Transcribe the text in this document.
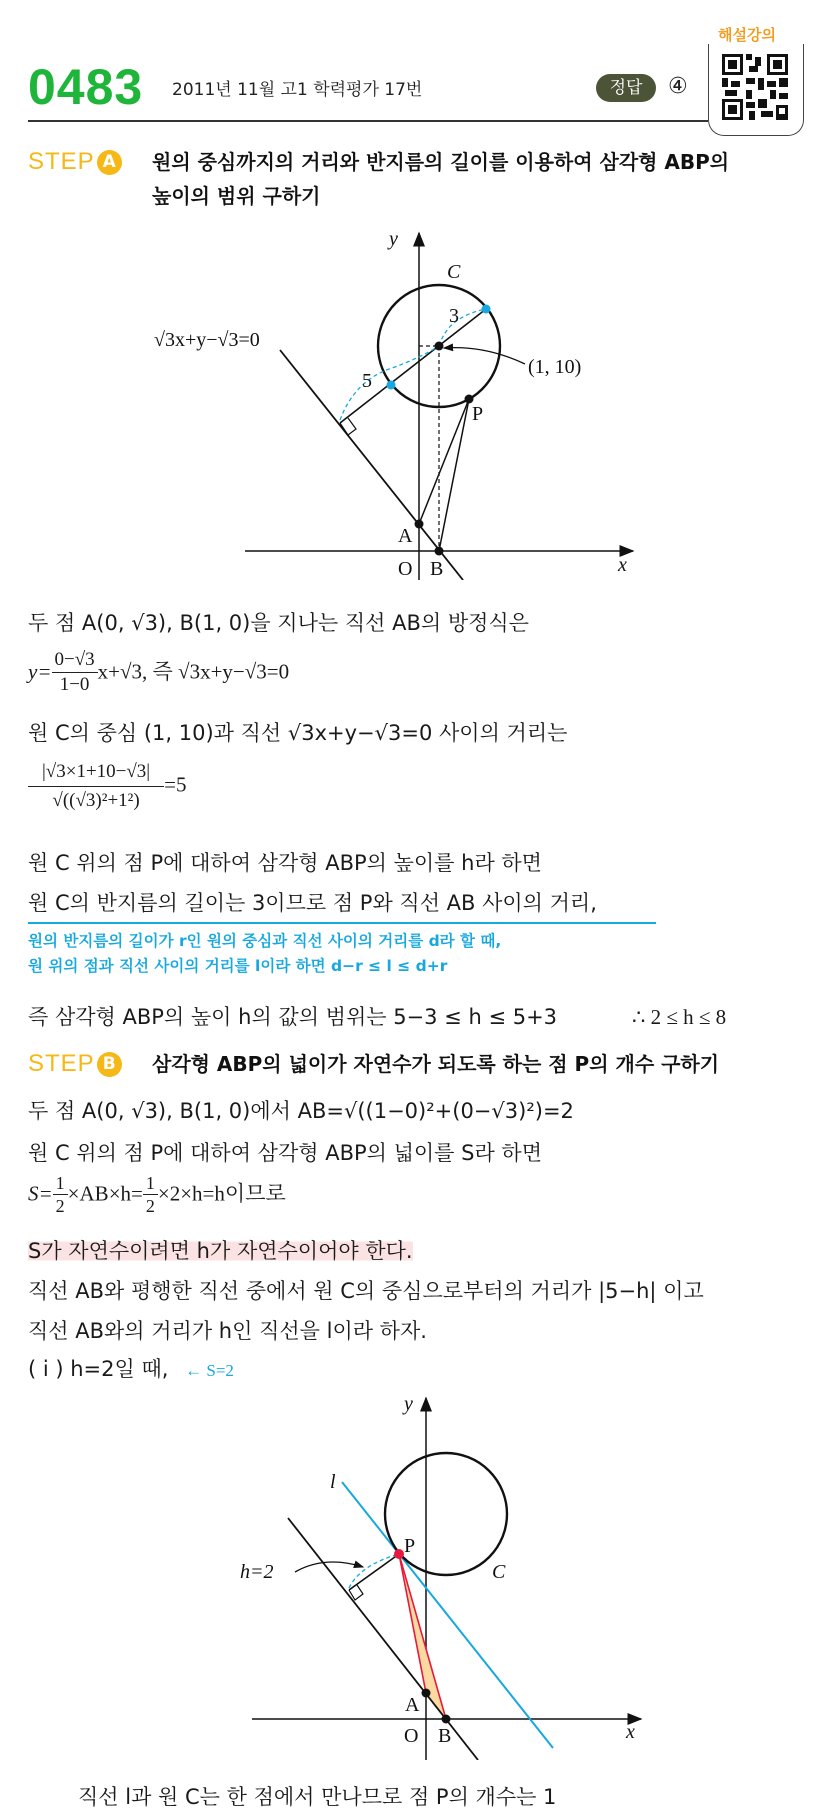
0483 2011년 11월 고1 학력평가 17번	정답	④
해설강의
STEP A 원의 중심까지의 거리와 반지름의 길이를 이용하여 삼각형 ABP의
높이의 범위 구하기
√3x+y−√3=0
y
x
C
3
5
(1, 10)
P
A
O B
두 점 A(0, √3), B(1, 0)을 지나는 직선 AB의 방정식은
$y= \frac{0-√3}{1-0} x+√3$, 즉 √3x+y−√3=0
원 C의 중심 (1, 10)과 직선 √3x+y−√3=0 사이의 거리는
$\frac{|√3\times 1+10-√3|}{\text{√((√3)²+1²)}} =5$
원 C 위의 점 P에 대하여 삼각형 ABP의 높이를 h라 하면
원 C의 반지름의 길이는 3이므로 점 P와 직선 AB 사이의 거리,
원의 반지름의 길이가 r인 원의 중심과 직선 사이의 거리를 d라 할 때,
원 위의 점과 직선 사이의 거리를 l이라 하면 d−r ≤ l ≤ d+r
즉 삼각형 ABP의 높이 h의 값의 범위는 5−3 ≤ h ≤ 5+3	∴ 2 ≤ h ≤ 8
STEP B	삼각형 ABP의 넓이가 자연수가 되도록 하는 점 P의 개수 구하기
두 점 A(0, √3), B(1, 0)에서 AB=√((1−0)²+(0−√3)²)=2
원 C 위의 점 P에 대하여 삼각형 ABP의 넓이를 S라 하면
$S= \frac{1}{2} \times AB\times h= \frac{1}{2} \times 2\times h=h$이므로
S가 자연수이려면 h가 자연수이어야 한다.
직선 AB와 평행한 직선 중에서 원 C의 중심으로부터의 거리가 |5−h| 이고
직선 AB와의 거리가 h인 직선을 l이라 하자.
( i ) h=2일 때, ← S=2
y
x
l
C
h=2
P
A
O B
직선 l과 원 C는 한 점에서 만나므로 점 P의 개수는 1
